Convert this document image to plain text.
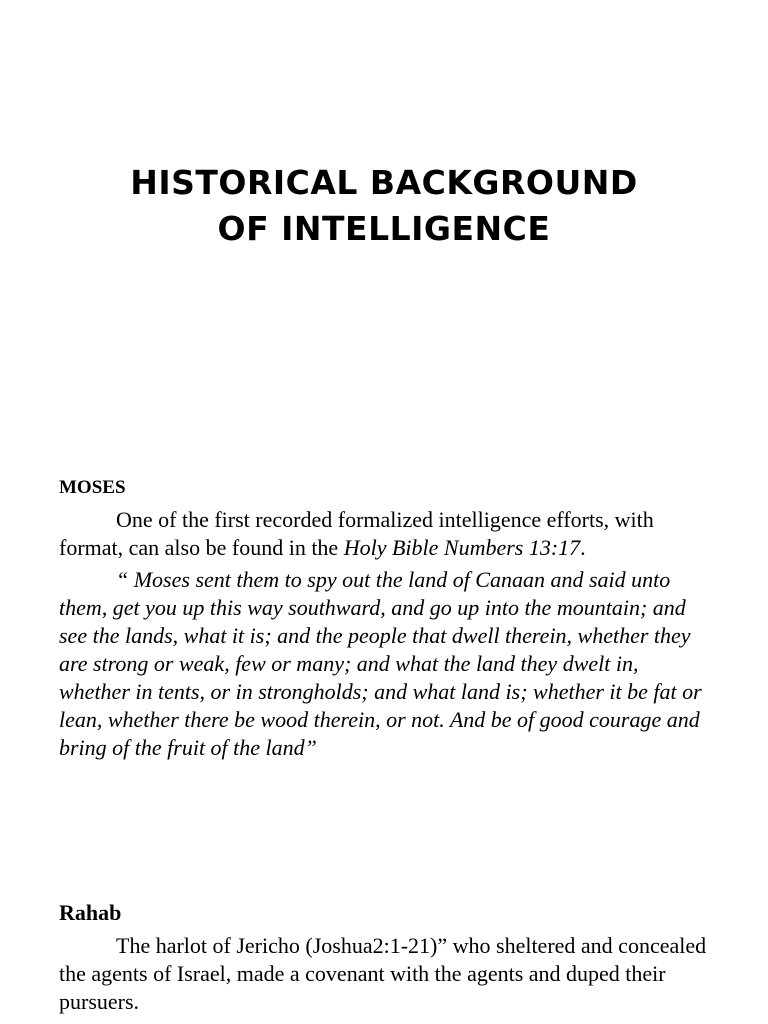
HISTORICAL BACKGROUND
OF INTELLIGENCE
MOSES

One of the first recorded formalized intelligence efforts, with format, can also be found in the Holy Bible Numbers 13:17.

“ Moses sent them to spy out the land of Canaan and said unto them, get you up this way southward, and go up into the mountain; and see the lands, what it is; and the people that dwell therein, whether they are strong or weak, few or many; and what the land they dwelt in, whether in tents, or in strongholds; and what land is; whether it be fat or lean, whether there be wood therein, or not. And be of good courage and bring of the fruit of the land”

Rahab

The harlot of Jericho (Joshua2:1-21)” who sheltered and concealed the agents of Israel, made a covenant with the agents and duped their pursuers.
